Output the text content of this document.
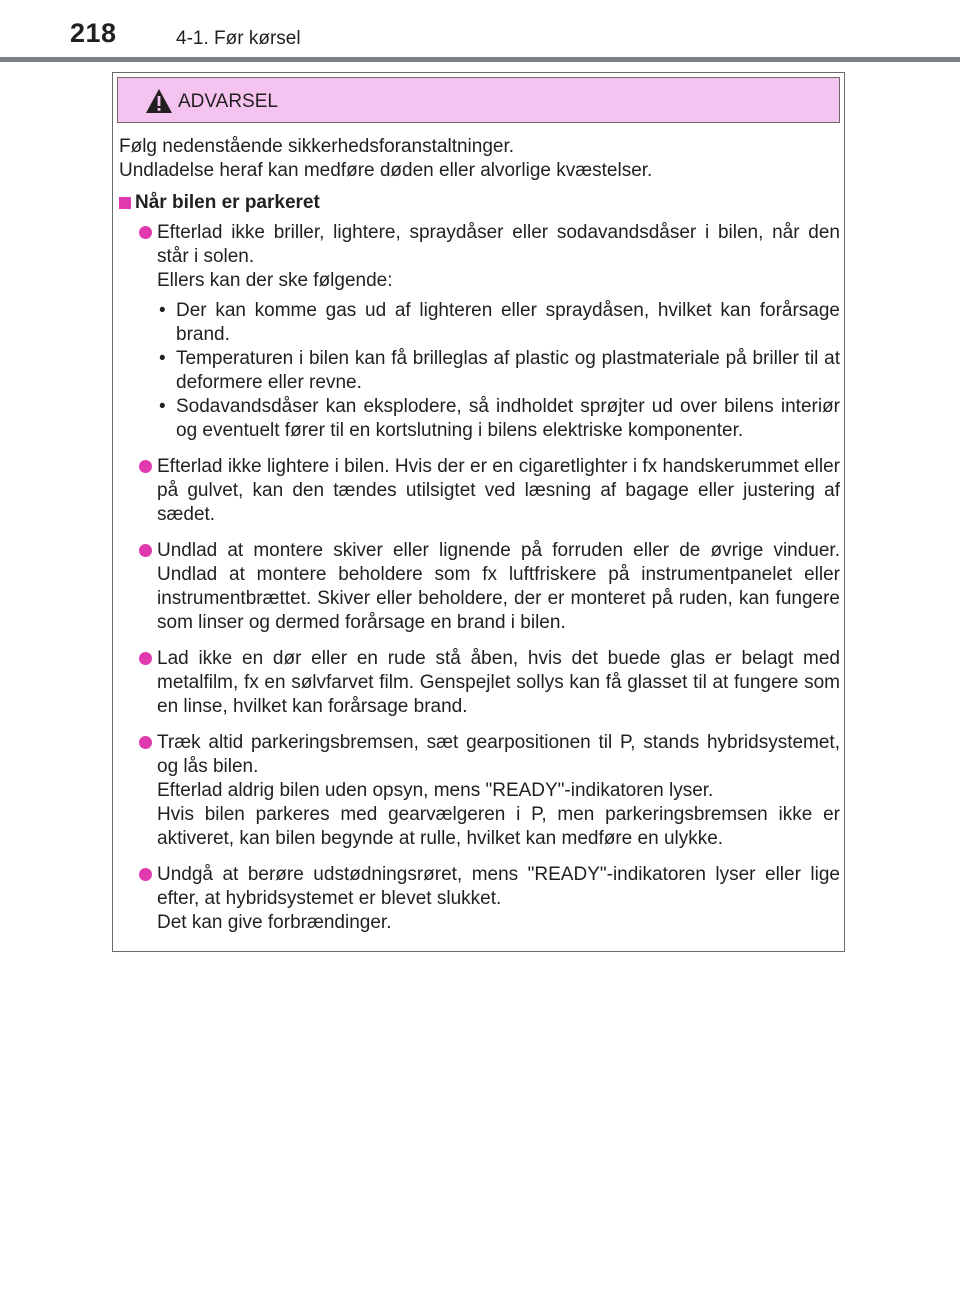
218	4-1. Før kørsel
ADVARSEL
Følg nedenstående sikkerhedsforanstaltninger.
Undladelse heraf kan medføre døden eller alvorlige kvæstelser.
Når bilen er parkeret
Efterlad ikke briller, lightere, spraydåser eller sodavandsdåser i bilen, når den står i solen.
Ellers kan der ske følgende:
• Der kan komme gas ud af lighteren eller spraydåsen, hvilket kan forårsage brand.
• Temperaturen i bilen kan få brilleglas af plastic og plastmateriale på briller til at deformere eller revne.
• Sodavandsdåser kan eksplodere, så indholdet sprøjter ud over bilens interiør og eventuelt fører til en kortslutning i bilens elektriske komponenter.
Efterlad ikke lightere i bilen. Hvis der er en cigaretlighter i fx handskerummet eller på gulvet, kan den tændes utilsigtet ved læsning af bagage eller justering af sædet.
Undlad at montere skiver eller lignende på forruden eller de øvrige vinduer. Undlad at montere beholdere som fx luftfriskere på instrumentpanelet eller instrumentbrættet. Skiver eller beholdere, der er monteret på ruden, kan fungere som linser og dermed forårsage en brand i bilen.
Lad ikke en dør eller en rude stå åben, hvis det buede glas er belagt med metalfilm, fx en sølvfarvet film. Genspejlet sollys kan få glasset til at fungere som en linse, hvilket kan forårsage brand.
Træk altid parkeringsbremsen, sæt gearpositionen til P, stands hybridsystemet, og lås bilen.
Efterlad aldrig bilen uden opsyn, mens "READY"-indikatoren lyser.
Hvis bilen parkeres med gearvælgeren i P, men parkeringsbremsen ikke er aktiveret, kan bilen begynde at rulle, hvilket kan medføre en ulykke.
Undgå at berøre udstødningsrøret, mens "READY"-indikatoren lyser eller lige efter, at hybridsystemet er blevet slukket.
Det kan give forbrændinger.
